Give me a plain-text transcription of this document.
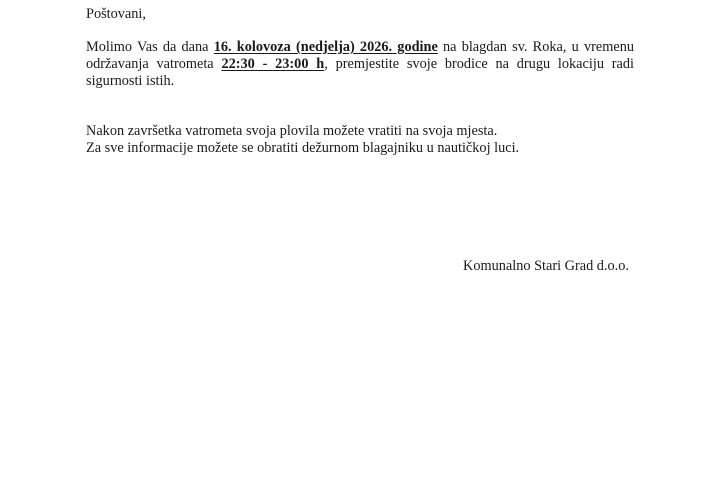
Poštovani,

Molimo Vas da dana 16. kolovoza (nedjelja) 2026. godine na blagdan sv. Roka, u vremenu održavanja vatrometa 22:30 - 23:00 h, premjestite svoje brodice na drugu lokaciju radi sigurnosti istih.

Nakon završetka vatrometa svoja plovila možete vratiti na svoja mjesta.
Za sve informacije možete se obratiti dežurnom blagajniku u nautičkoj luci.

Komunalno Stari Grad d.o.o.
